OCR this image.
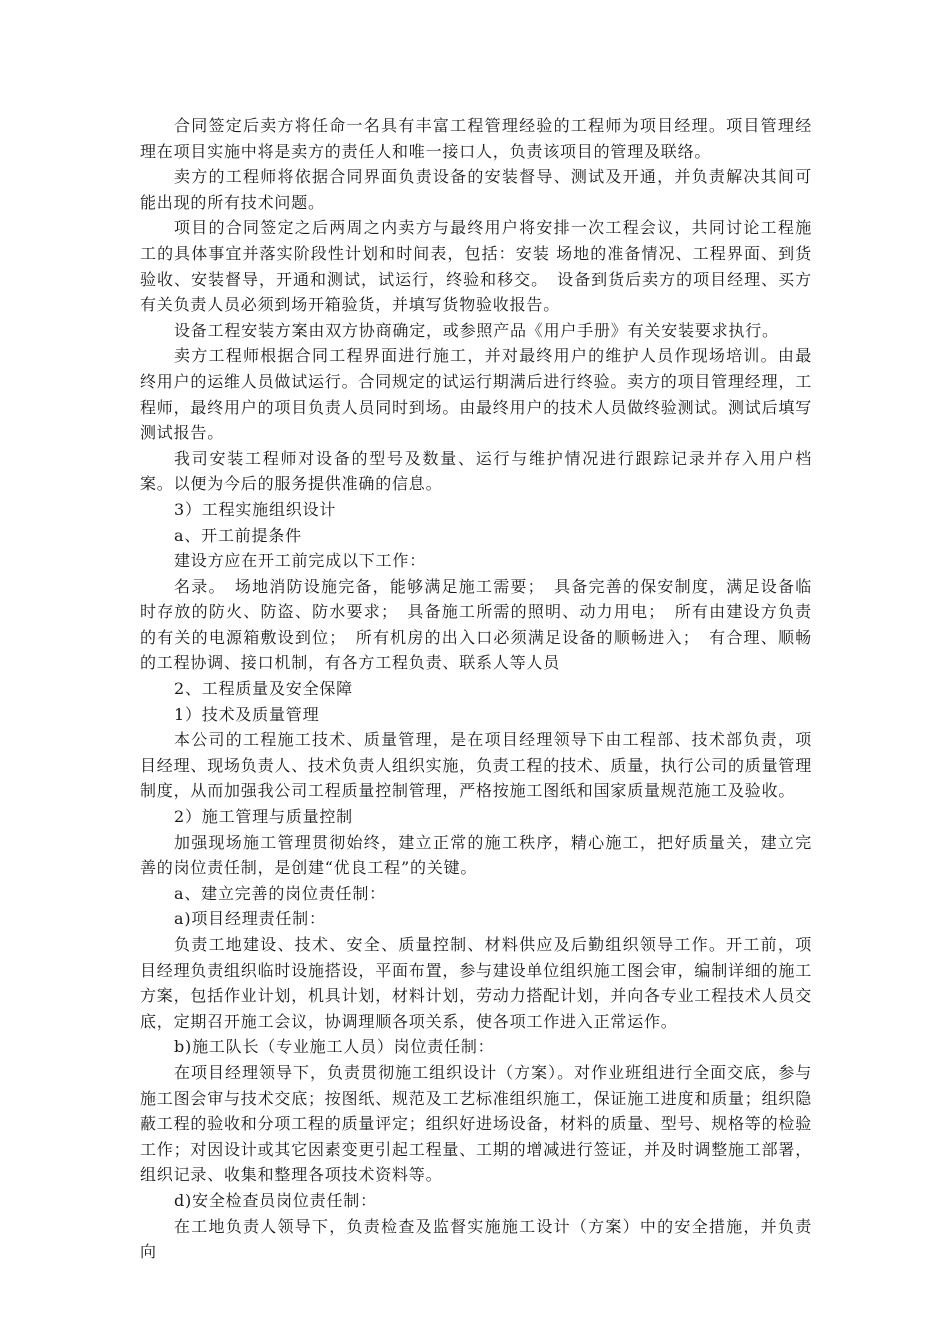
合同签定后卖方将任命一名具有丰富工程管理经验的工程师为项目经理。项目管理经理在项目实施中将是卖方的责任人和唯一接口人，负责该项目的管理及联络。

卖方的工程师将依据合同界面负责设备的安装督导、测试及开通，并负责解决其间可能出现的所有技术问题。

项目的合同签定之后两周之内卖方与最终用户将安排一次工程会议，共同讨论工程施工的具体事宜并落实阶段性计划和时间表，包括：安装 场地的准备情况、工程界面、到货验收、安装督导，开通和测试，试运行，终验和移交。　设备到货后卖方的项目经理、买方有关负责人员必须到场开箱验货，并填写货物验收报告。

设备工程安装方案由双方协商确定，或参照产品《用户手册》有关安装要求执行。

卖方工程师根据合同工程界面进行施工，并对最终用户的维护人员作现场培训。由最终用户的运维人员做试运行。合同规定的试运行期满后进行终验。卖方的项目管理经理，工程师，最终用户的项目负责人员同时到场。由最终用户的技术人员做终验测试。测试后填写测试报告。

我司安装工程师对设备的型号及数量、运行与维护情况进行跟踪记录并存入用户档案。以便为今后的服务提供准确的信息。

3）工程实施组织设计

a、开工前提条件

建设方应在开工前完成以下工作：

名录。　场地消防设施完备，能够满足施工需要；　具备完善的保安制度，满足设备临时存放的防火、防盗、防水要求；　具备施工所需的照明、动力用电；　所有由建设方负责的有关的电源箱敷设到位；　所有机房的出入口必须满足设备的顺畅进入；　有合理、顺畅的工程协调、接口机制，有各方工程负责、联系人等人员

2、工程质量及安全保障

1）技术及质量管理

本公司的工程施工技术、质量管理，是在项目经理领导下由工程部、技术部负责，项目经理、现场负责人、技术负责人组织实施，负责工程的技术、质量，执行公司的质量管理制度，从而加强我公司工程质量控制管理，严格按施工图纸和国家质量规范施工及验收。

2）施工管理与质量控制

加强现场施工管理贯彻始终，建立正常的施工秩序，精心施工，把好质量关，建立完善的岗位责任制，是创建“优良工程”的关键。

a、建立完善的岗位责任制：

a)项目经理责任制：

负责工地建设、技术、安全、质量控制、材料供应及后勤组织领导工作。开工前，项目经理负责组织临时设施搭设，平面布置，参与建设单位组织施工图会审，编制详细的施工方案，包括作业计划，机具计划，材料计划，劳动力搭配计划，并向各专业工程技术人员交底，定期召开施工会议，协调理顺各项关系，使各项工作进入正常运作。

b)施工队长（专业施工人员）岗位责任制：

在项目经理领导下，负责贯彻施工组织设计（方案）。对作业班组进行全面交底，参与施工图会审与技术交底；按图纸、规范及工艺标准组织施工，保证施工进度和质量；组织隐蔽工程的验收和分项工程的质量评定；组织好进场设备，材料的质量、型号、规格等的检验工作；对因设计或其它因素变更引起工程量、工期的增减进行签证，并及时调整施工部署，组织记录、收集和整理各项技术资料等。

d)安全检查员岗位责任制：

在工地负责人领导下，负责检查及监督实施施工设计（方案）中的安全措施，并负责向
